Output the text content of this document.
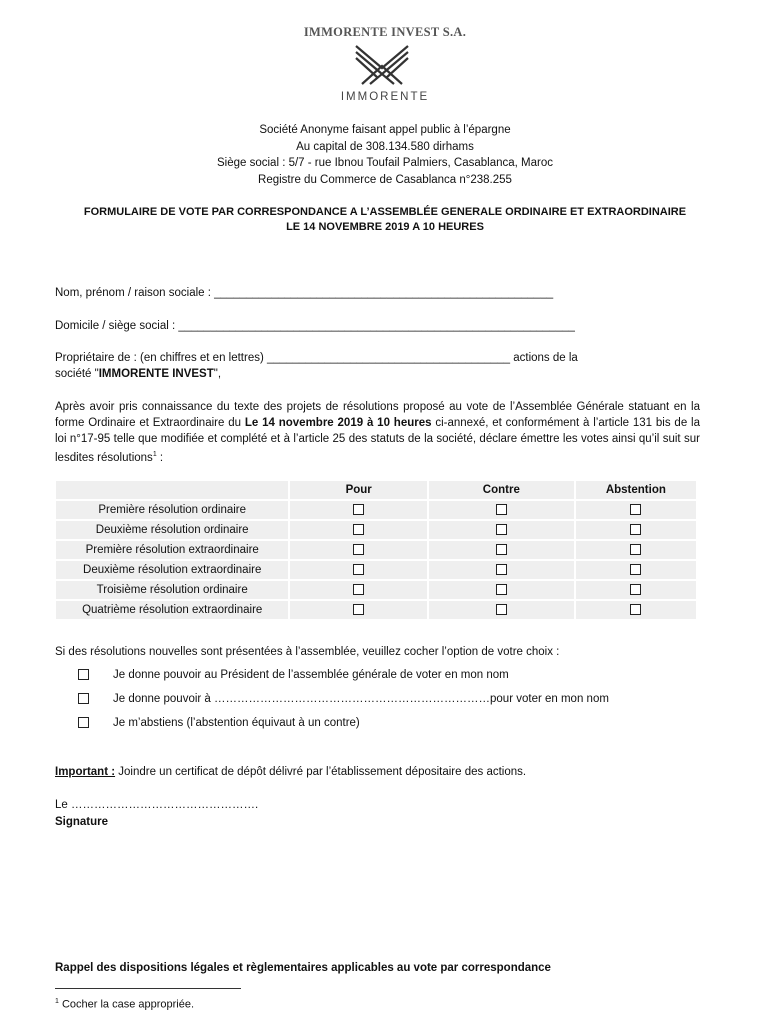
IMMORENTE INVEST S.A.
IMMORENTE
Société Anonyme faisant appel public à l’épargne
Au capital de 308.134.580 dirhams
Siège social : 5/7 - rue Ibnou Toufail Palmiers, Casablanca, Maroc
Registre du Commerce de Casablanca n°238.255
FORMULAIRE DE VOTE PAR CORRESPONDANCE A L’ASSEMBLÉE GENERALE ORDINAIRE ET EXTRAORDINAIRE
LE 14 NOVEMBRE 2019 A 10 HEURES
Nom, prénom / raison sociale : _____________________________________________________
Domicile / siège social : ______________________________________________________________
Propriétaire de : (en chiffres et en lettres) ______________________________________ actions de la
société "IMMORENTE INVEST",
Après avoir pris connaissance du texte des projets de résolutions proposé au vote de l’Assemblée Générale statuant en la forme Ordinaire et Extraordinaire du Le 14 novembre 2019 à 10 heures ci-annexé, et conformément à l’article 131 bis de la loi n°17-95 telle que modifiée et complété et à l’article 25 des statuts de la société, déclare émettre les votes ainsi qu’il suit sur lesdites résolutions$^1$ :
	Pour	Contre	Abstention
Première résolution ordinaire			
Deuxième résolution ordinaire			
Première résolution extraordinaire			
Deuxième résolution extraordinaire			
Troisième résolution ordinaire			
Quatrième résolution extraordinaire			
Si des résolutions nouvelles sont présentées à l’assemblée, veuillez cocher l’option de votre choix :
Je donne pouvoir au Président de l’assemblée générale de voter en mon nom
Je donne pouvoir à ………………………………………………………………pour voter en mon nom
Je m’abstiens (l’abstention équivaut à un contre)
Important : Joindre un certificat de dépôt délivré par l’établissement dépositaire des actions.
Le ………………………………………….
Signature
Rappel des dispositions légales et règlementaires applicables au vote par correspondance
$^1$ Cocher la case appropriée.
